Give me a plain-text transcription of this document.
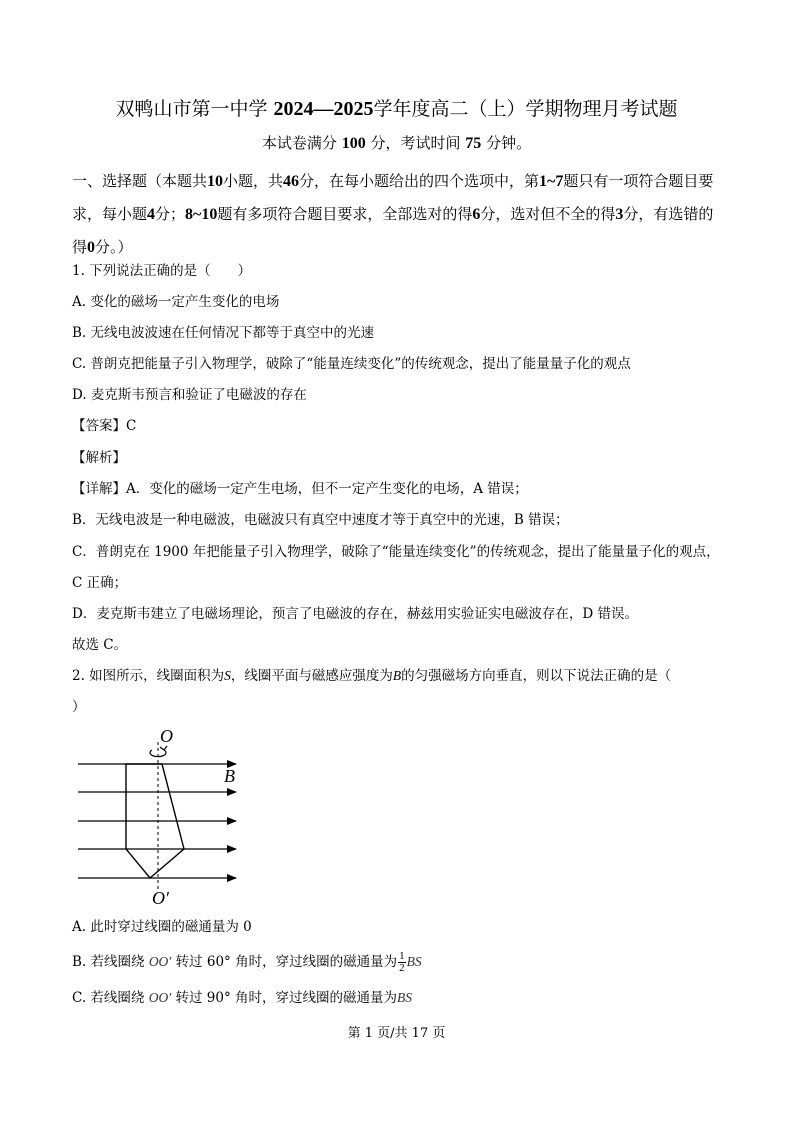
双鸭山市第一中学 2024—2025学年度高二（上）学期物理月考试题
本试卷满分 100 分，考试时间 75 分钟。
一、选择题（本题共10小题，共46分，在每小题给出的四个选项中，第1~7题只有一项符合题目要求，每小题4分；8~10题有多项符合题目要求，全部选对的得6分，选对但不全的得3分，有选错的得0分。）
1. 下列说法正确的是（　　）
A. 变化的磁场一定产生变化的电场
B. 无线电波波速在任何情况下都等于真空中的光速
C. 普朗克把能量子引入物理学，破除了“能量连续变化”的传统观念，提出了能量量子化的观点
D. 麦克斯韦预言和验证了电磁波的存在
【答案】C
【解析】
【详解】A．变化的磁场一定产生电场，但不一定产生变化的电场，A 错误；
B．无线电波是一种电磁波，电磁波只有真空中速度才等于真空中的光速，B 错误；
C．普朗克在 1900 年把能量子引入物理学，破除了“能量连续变化”的传统观念，提出了能量量子化的观点，C 正确；
D．麦克斯韦建立了电磁场理论，预言了电磁波的存在，赫兹用实验证实电磁波存在，D 错误。
故选 C。
2. 如图所示，线圈面积为S，线圈平面与磁感应强度为B的匀强磁场方向垂直，则以下说法正确的是（
）
O
O′
B
A. 此时穿过线圈的磁通量为 0
B. 若线圈绕 OO′ 转过 60° 角时，穿过线圈的磁通量为 $\frac{1}{2}$ BS
C. 若线圈绕 OO′ 转过 90° 角时，穿过线圈的磁通量为BS
第 1 页/共 17 页
